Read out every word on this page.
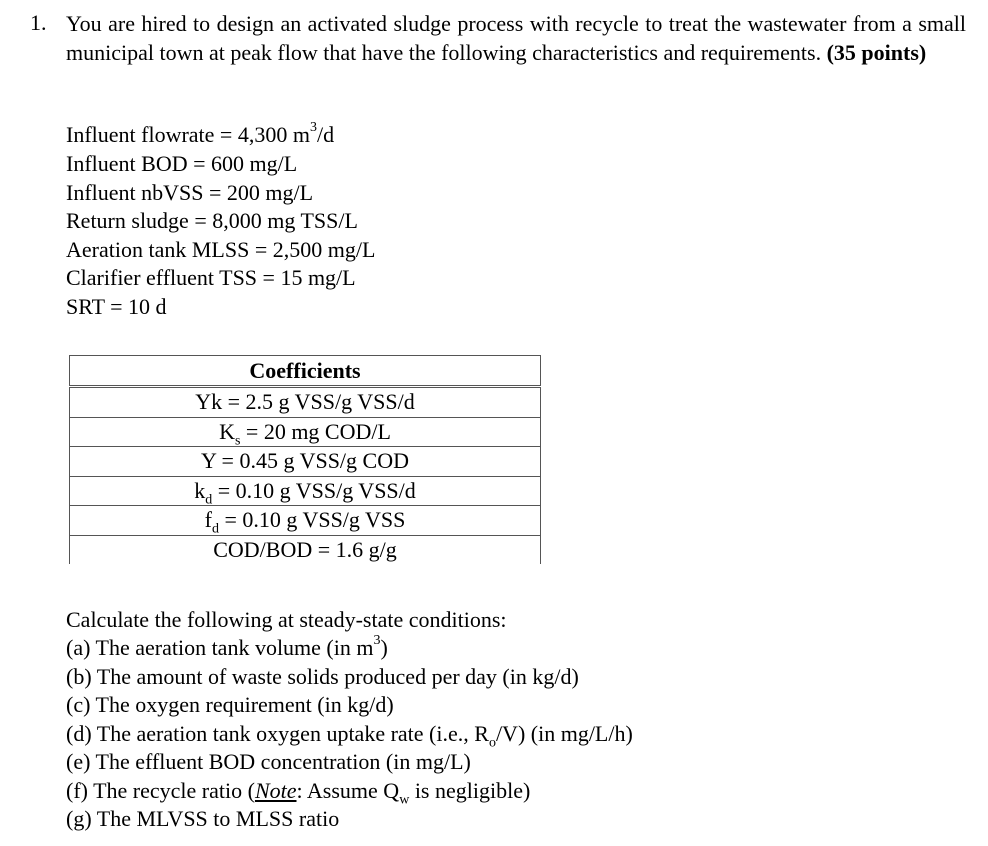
1. You are hired to design an activated sludge process with recycle to treat the wastewater from a small municipal town at peak flow that have the following characteristics and requirements. (35 points)
Influent flowrate = 4,300 $m^3/d$
Influent BOD = 600 mg/L
Influent nbVSS = 200 mg/L
Return sludge = 8,000 mg TSS/L
Aeration tank MLSS = 2,500 mg/L
Clarifier effluent TSS = 15 mg/L
SRT = 10 d
Coefficients

Yk = 2.5 g VSS/g VSS/d
$K_s = 20$ mg COD/L
Y = 0.45 g VSS/g COD
$k_d = 0.10$ g VSS/g VSS/d
$f_d = 0.10$ g VSS/g VSS
COD/BOD = 1.6 g/g
Calculate the following at steady-state conditions:
(a) The aeration tank volume (in $m^3$)
(b) The amount of waste solids produced per day (in kg/d)
(c) The oxygen requirement (in kg/d)
(d) The aeration tank oxygen uptake rate (i.e., $R_o/V$) (in mg/L/h)
(e) The effluent BOD concentration (in mg/L)
(f) The recycle ratio (Note: Assume $Q_w$ is negligible)
(g) The MLVSS to MLSS ratio
